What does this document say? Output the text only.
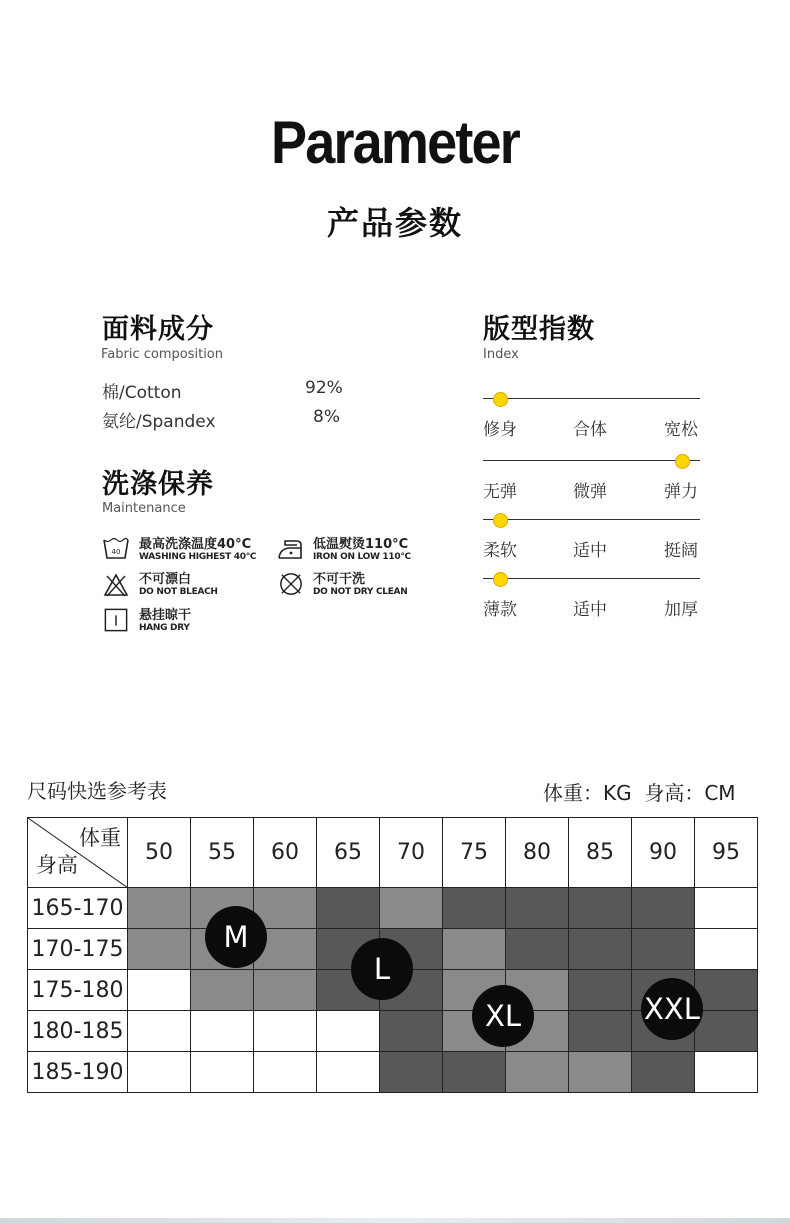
Parameter
产品参数
面料成分
Fabric composition
棉/Cotton	92%
氨纶/Spandex	8%
洗涤保养
Maintenance
40 最高洗涤温度40°C
WASHING HIGHEST 40°C
低温熨烫110°C
IRON ON LOW 110°C
不可漂白
DO NOT BLEACH
不可干洗
DO NOT DRY CLEAN
悬挂晾干
HANG DRY
版型指数
Index
修身	合体	宽松
无弹	微弹	弹力
柔软	适中	挺阔
薄款	适中	加厚
尺码快选参考表	体重：KG  身高：CM
体重
身高	50	55	60	65	70	75	80	85	90	95
165-170										
170-175										
175-180										
180-185										
185-190										
M
L
XL	XXL
